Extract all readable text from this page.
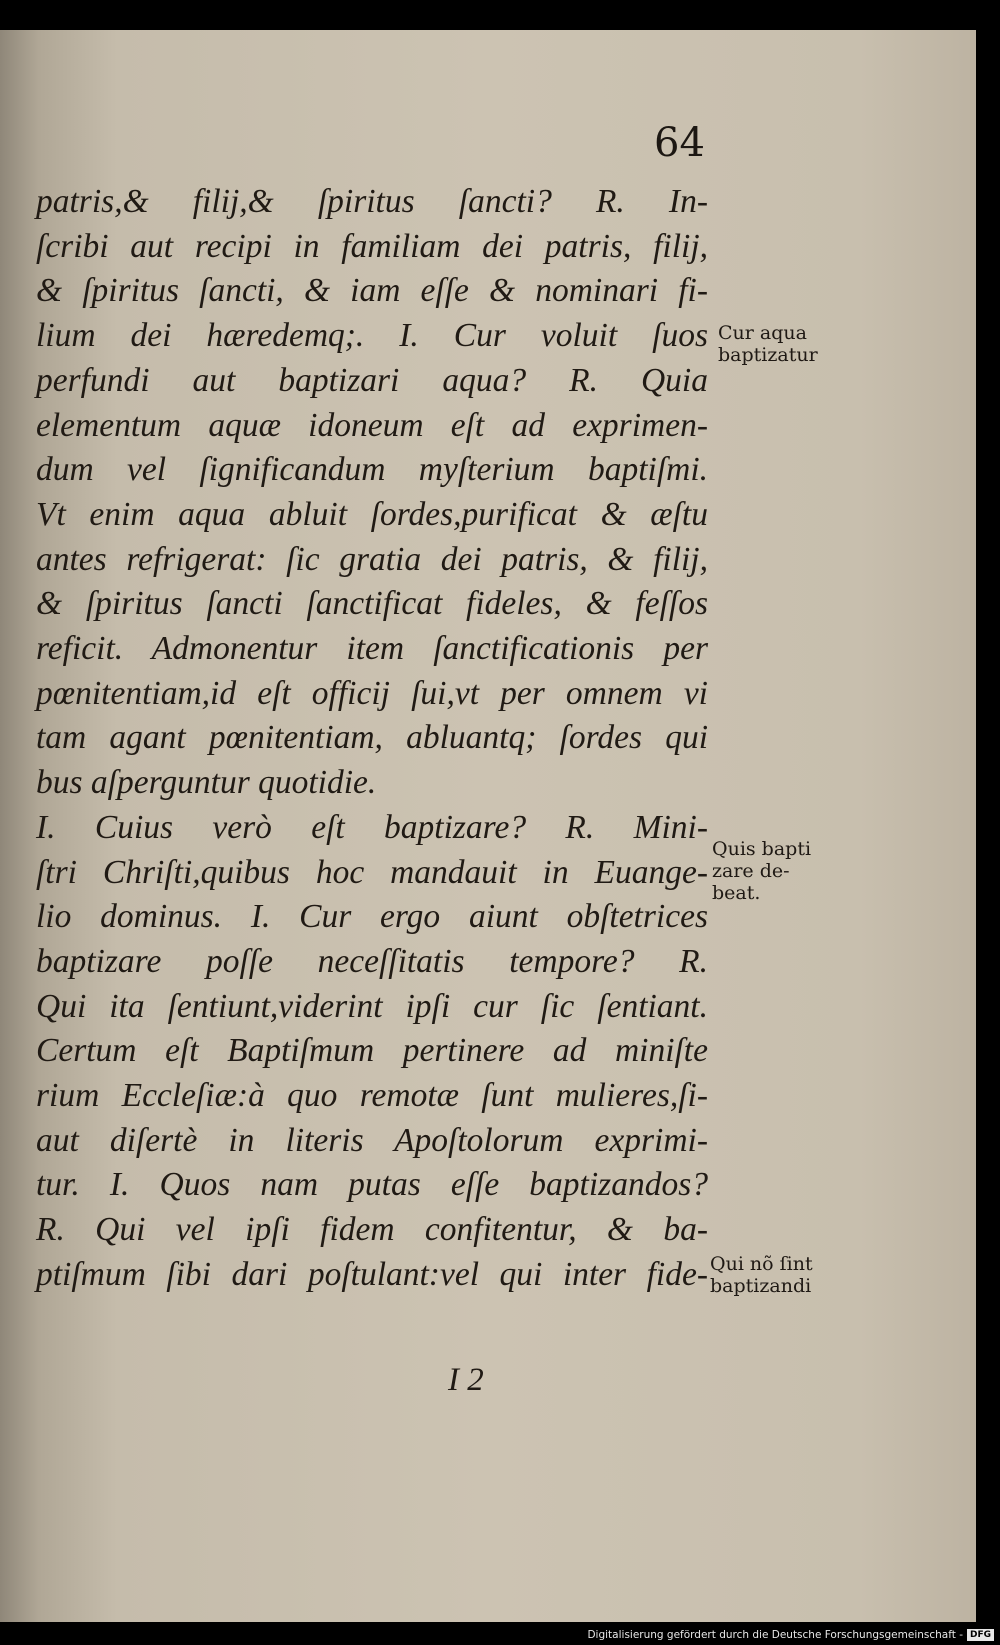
64
patris,& filij,& ſpiritus ſancti? R. In-
ſcribi aut recipi in familiam dei patris, filij,
& ſpiritus ſancti, & iam eſſe & nominari fi-
lium dei hæredemq;. I. Cur voluit ſuos
perfundi aut baptizari aqua? R. Quia
elementum aquæ idoneum eſt ad exprimen-
dum vel ſignificandum myſterium baptiſmi.
Vt enim aqua abluit ſordes,purificat & æſtu
antes refrigerat: ſic gratia dei patris, & filij,
& ſpiritus ſancti ſanctificat fideles, & feſſos
reficit. Admonentur item ſanctificationis per
pœnitentiam,id eſt officij ſui,vt per omnem vi
tam agant pœnitentiam, abluantq; ſordes qui
bus aſperguntur quotidie.
I. Cuius verò eſt baptizare? R. Mini-
ſtri Chriſti,quibus hoc mandauit in Euange-
lio dominus. I. Cur ergo aiunt obſtetrices
baptizare poſſe neceſſitatis tempore? R.
Qui ita ſentiunt,viderint ipſi cur ſic ſentiant.
Certum eſt Baptiſmum pertinere ad miniſte
rium Eccleſiæ:à quo remotæ ſunt mulieres,ſi-
aut diſertè in literis Apoſtolorum exprimi-
tur. I. Quos nam putas eſſe baptizandos?
R. Qui vel ipſi fidem confitentur, & ba-
ptiſmum ſibi dari poſtulant:vel qui inter fide-
Cur aqua
baptizatur
Quis bapti
zare de-
beat.
Qui nõ ſint
baptizandi
I 2
Digitalisierung gefördert durch die Deutsche Forschungsgemeinschaft - DFG
